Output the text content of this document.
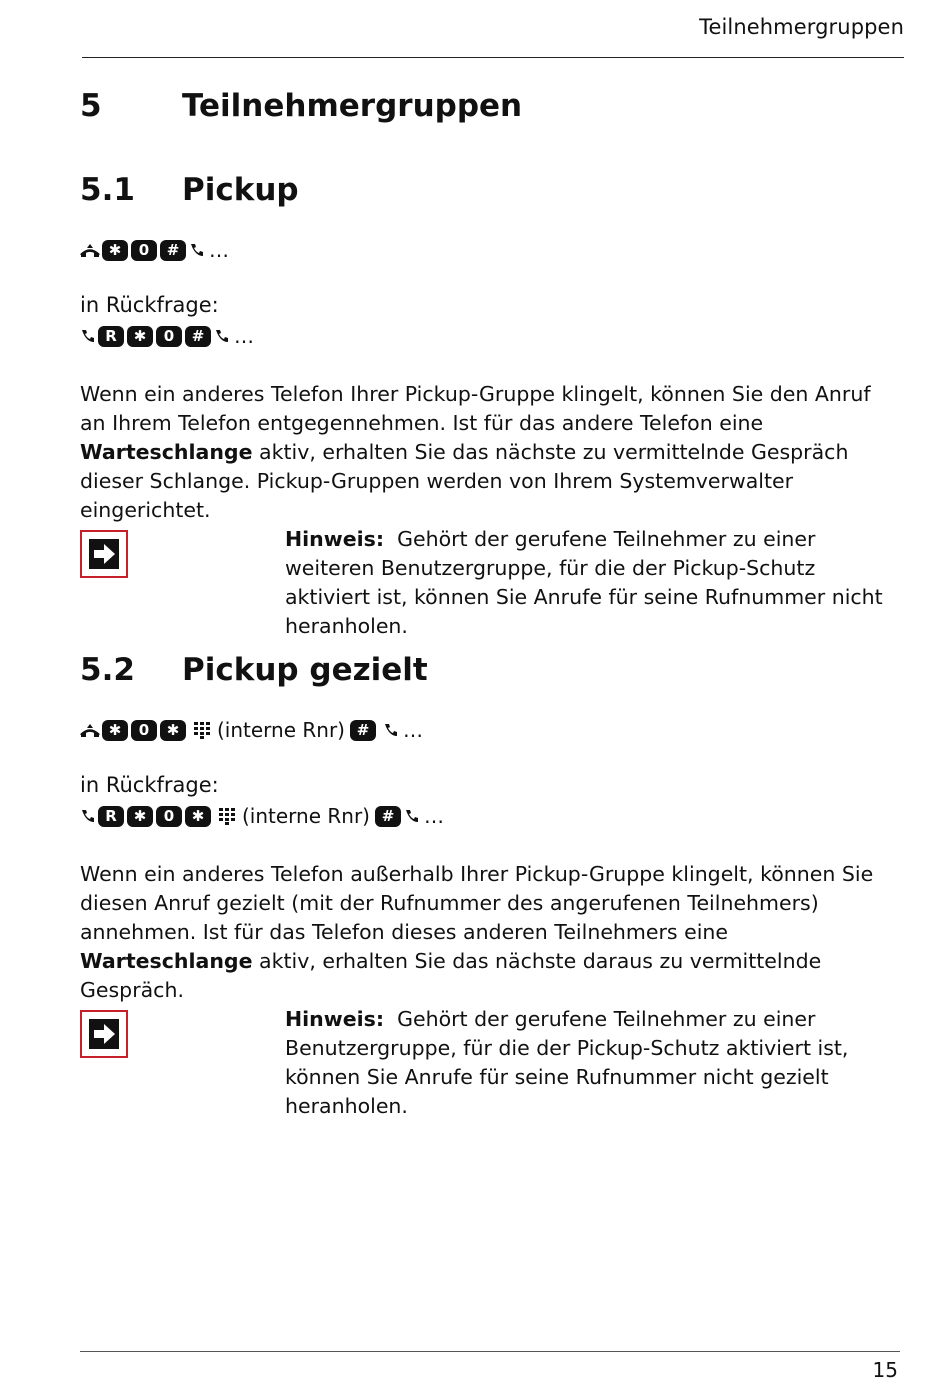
Teilnehmergruppen
5	Teilnehmergruppen
5.1 Pickup
✱	0	#	…
in Rückfrage:
R	✱	0	#	…

Wenn ein anderes Telefon Ihrer Pickup-Gruppe klingelt, können Sie den Anruf an Ihrem Telefon entgegennehmen. Ist für das andere Telefon eine Warteschlange aktiv, erhalten Sie das nächste zu vermittelnde Gespräch dieser Schlange. Pickup-Gruppen werden von Ihrem Systemverwalter eingerichtet.

Hinweis: Gehört der gerufene Teilnehmer zu einer weiteren Benutzergruppe, für die der Pickup-Schutz aktiviert ist, können Sie Anrufe für seine Rufnummer nicht heranholen.

5.2 Pickup gezielt
✱	0	✱	(interne Rnr) #	…
in Rückfrage:
R	✱	0	✱	(interne Rnr) #	…

Wenn ein anderes Telefon außerhalb Ihrer Pickup-Gruppe klingelt, können Sie diesen Anruf gezielt (mit der Rufnummer des angerufenen Teilnehmers) annehmen. Ist für das Telefon dieses anderen Teilnehmers eine Warteschlange aktiv, erhalten Sie das nächste daraus zu vermittelnde Gespräch.

Hinweis: Gehört der gerufene Teilnehmer zu einer Benutzergruppe, für die der Pickup-Schutz aktiviert ist, können Sie Anrufe für seine Rufnummer nicht gezielt heranholen.

15
